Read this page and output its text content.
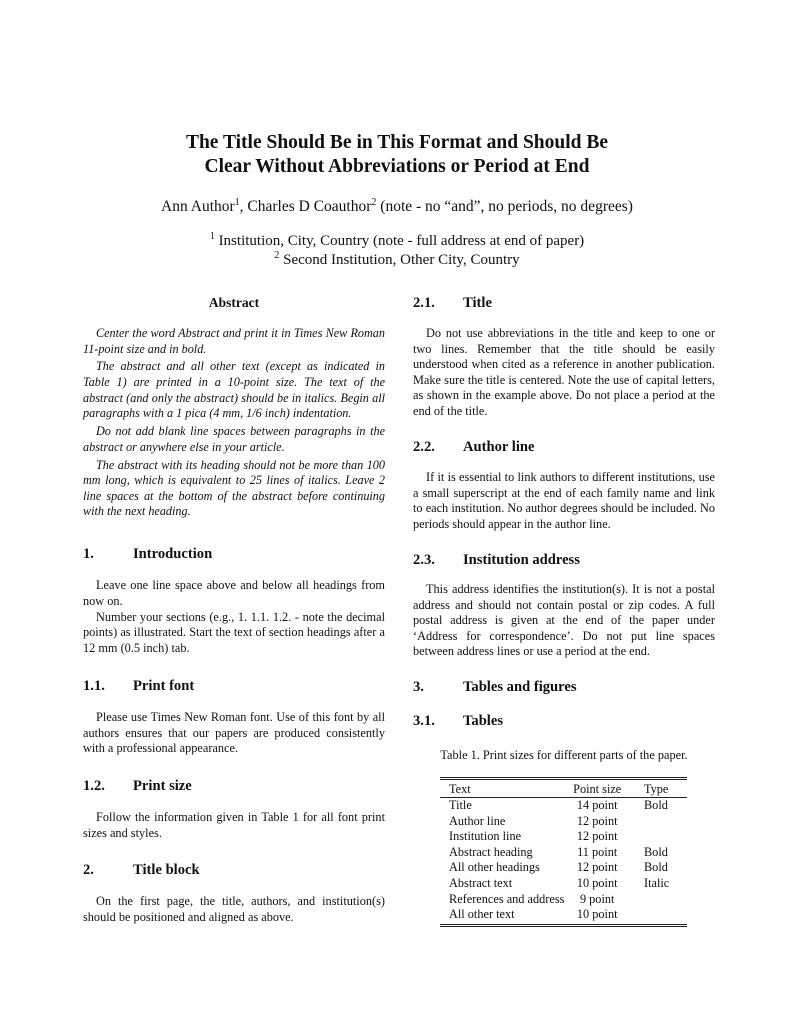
The Title Should Be in This Format and Should Be
Clear Without Abbreviations or Period at End
Ann Author$^1$, Charles D Coauthor$^2$ (note - no “and”, no periods, no degrees)
$^1$ Institution, City, Country (note - full address at end of paper)
$^2$ Second Institution, Other City, Country
Abstract

Center the word Abstract and print it in Times New Roman 11-point size and in bold.

The abstract and all other text (except as indicated in Table 1) are printed in a 10-point size. The text of the abstract (and only the abstract) should be in italics. Begin all paragraphs with a 1 pica (4 mm, 1/6 inch) indentation.

Do not add blank line spaces between paragraphs in the abstract or anywhere else in your article.

The abstract with its heading should not be more than 100 mm long, which is equivalent to 25 lines of italics. Leave 2 line spaces at the bottom of the abstract before continuing with the next heading.

1.	Introduction

Leave one line space above and below all headings from now on.

Number your sections (e.g., 1. 1.1. 1.2. - note the decimal points) as illustrated. Start the text of section headings after a 12 mm (0.5 inch) tab.

1.1. Print font

Please use Times New Roman font. Use of this font by all authors ensures that our papers are produced consistently with a professional appearance.

1.2. Print size

Follow the information given in Table 1 for all font print sizes and styles.

2.	Title block

On the first page, the title, authors, and institution(s) should be positioned and aligned as above.

2.1. Title

Do not use abbreviations in the title and keep to one or two lines. Remember that the title should be easily understood when cited as a reference in another publication. Make sure the title is centered. Note the use of capital letters, as shown in the example above. Do not place a period at the end of the title.

2.2. Author line

If it is essential to link authors to different institutions, use a small superscript at the end of each family name and link to each institution. No author degrees should be included. No periods should appear in the author line.

2.3. Institution address

This address identifies the institution(s). It is not a postal address and should not contain postal or zip codes. A full postal address is given at the end of the paper under ‘Address for correspondence’. Do not put line spaces between address lines or use a period at the end.

3.	Tables and figures
3.1. Tables
Table 1. Print sizes for different parts of the paper.
Text	Point size	Type
Title	14 point	Bold
Author line	12 point	
Institution line	12 point	
Abstract heading	11 point	Bold
All other headings	12 point	Bold
Abstract text	10 point	Italic
References and address	9 point	
All other text	10 point	
